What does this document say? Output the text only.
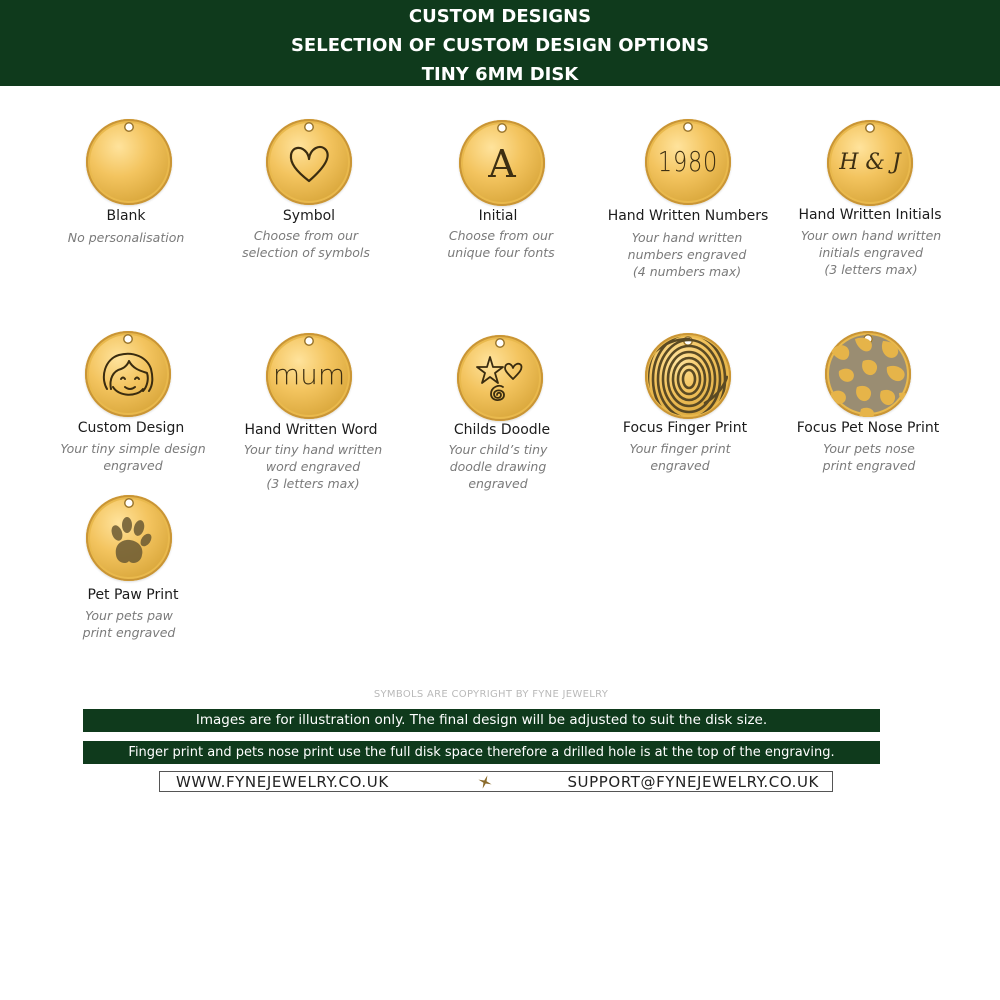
CUSTOM DESIGNS
SELECTION OF CUSTOM DESIGN OPTIONS
TINY 6MM DISK
Blank
No personalisation
Symbol
Choose from our
selection of symbols
A
Initial
Choose from our
unique four fonts
1980
Hand Written Numbers
Your hand written
numbers engraved
(4 numbers max)
H & J
Hand Written Initials
Your own hand written
initials engraved
(3 letters max)
Custom Design
Your tiny simple design
engraved
mum
Hand Written Word
Your tiny hand written
word engraved
(3 letters max)
Childs Doodle
Your child’s tiny
doodle drawing
engraved
Focus Finger Print
Your finger print
engraved
Focus Pet Nose Print
Your pets nose
print engraved
Pet Paw Print
Your pets paw
print engraved
SYMBOLS ARE COPYRIGHT BY FYNE JEWELRY
Images are for illustration only. The final design will be adjusted to suit the disk size.
Finger print and pets nose print use the full disk space therefore a drilled hole is at the top of the engraving.
WWW.FYNEJEWELRY.CO.UK	SUPPORT@FYNEJEWELRY.CO.UK
